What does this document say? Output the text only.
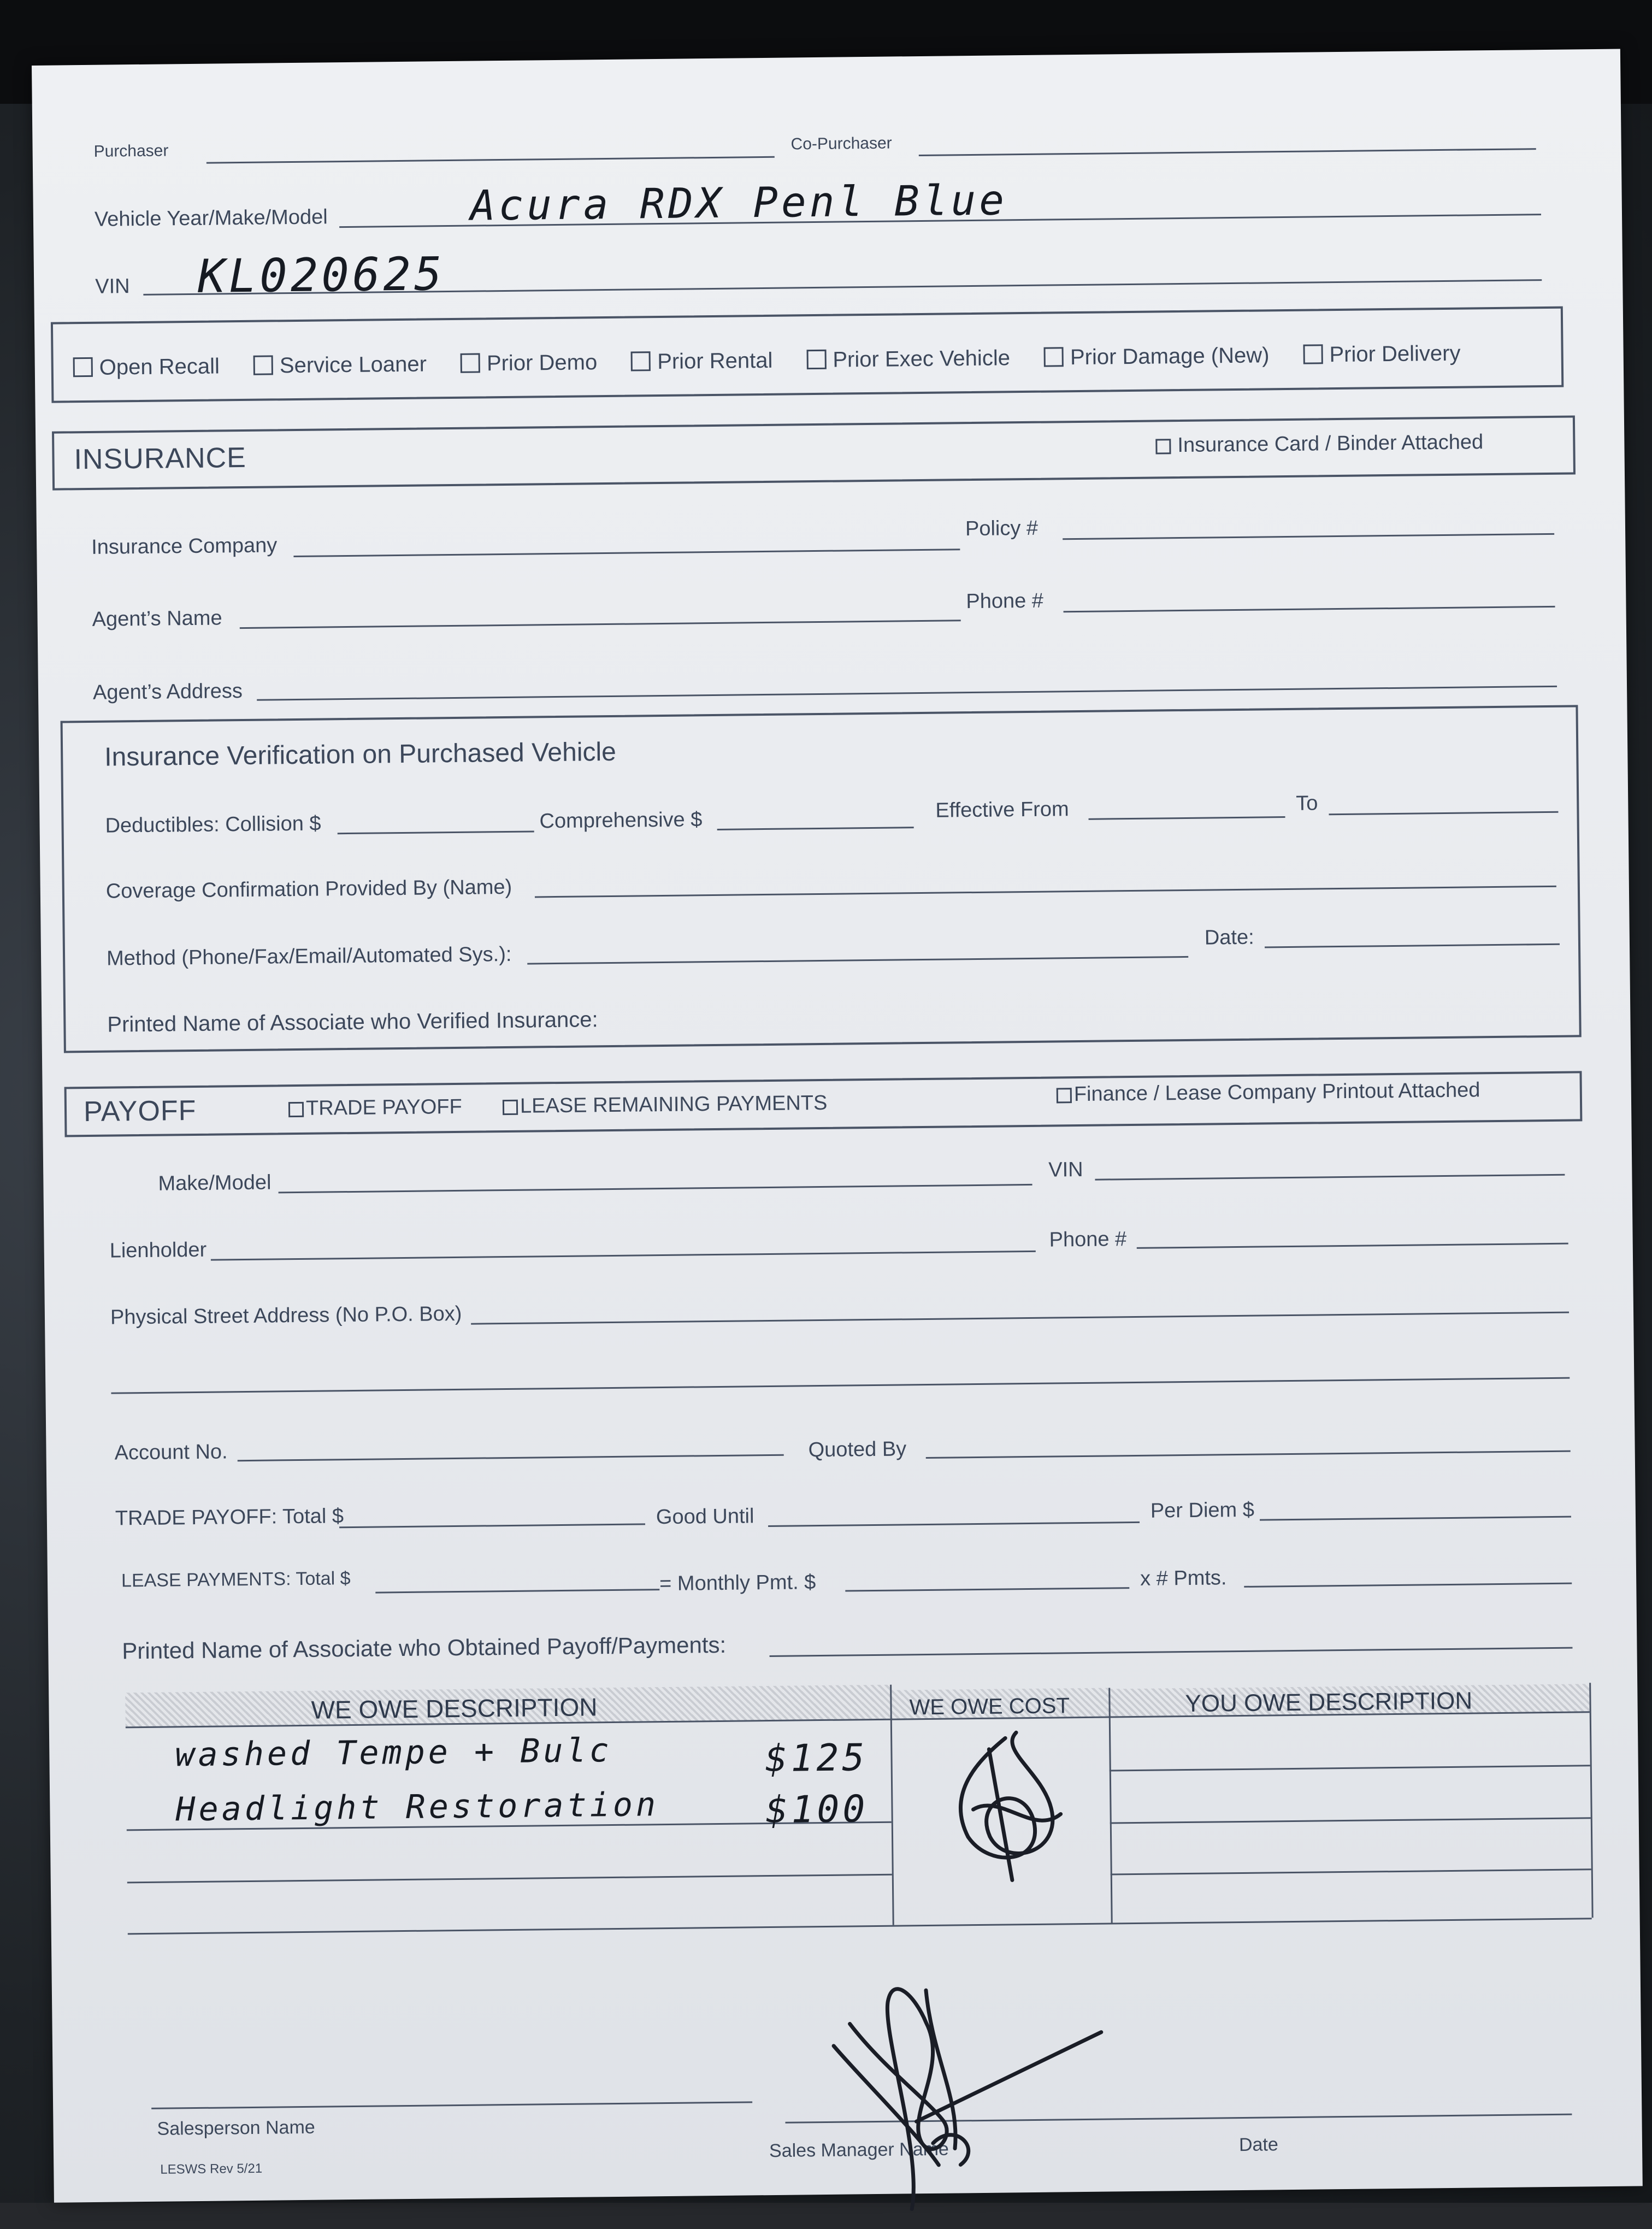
Purchaser	Co-Purchaser
Vehicle Year/Make/Model	Acura RDX Penl Blue
VIN KL020625
Open Recall	Service Loaner	Prior Demo	Prior Rental	Prior Exec Vehicle	Prior Damage (New)	Prior Delivery
INSURANCE	Insurance Card / Binder Attached
Insurance Company
Policy #
Agent’s Name
Phone #
Agent’s Address
Insurance Verification on Purchased Vehicle
Deductibles: Collision $	Comprehensive $	Effective From	To
Coverage Confirmation Provided By (Name)
Method (Phone/Fax/Email/Automated Sys.):
Date:
Printed Name of Associate who Verified Insurance:
PAYOFF	TRADE PAYOFF	LEASE REMAINING PAYMENTS	Finance / Lease Company Printout Attached
Make/Model
VIN
Lienholder	Phone #
Physical Street Address (No P.O. Box)
Account No.	Quoted By
TRADE PAYOFF: Total $	Good Until	Per Diem $
LEASE PAYMENTS: Total $	= Monthly Pmt. $	x # Pmts.
Printed Name of Associate who Obtained Payoff/Payments:
WE OWE DESCRIPTION	WE OWE COST	YOU OWE DESCRIPTION
washed Tempe + Bulc	$125
Headlight Restoration	$100
Salesperson Name
Sales Manager Name	Date
LESWS Rev 5/21
